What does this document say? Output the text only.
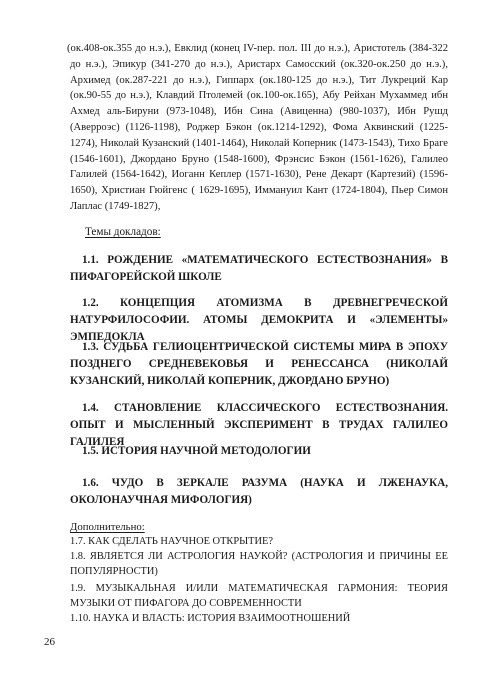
(ок.408-ок.355 до н.э.), Евклид (конец IV-пер. пол. III до н.э.), Аристотель (384-322 до н.э.), Эпикур (341-270 до н.э.), Аристарх Самосский (ок.320-ок.250 до н.э.), Архимед (ок.287-221 до н.э.), Гиппарх (ок.180-125 до н.э.), Тит Лукреций Кар (ок.90-55 до н.э.), Клавдий Птолемей (ок.100-ок.165), Абу Рейхан Мухаммед ибн Ахмед аль-Бируни (973-1048), Ибн Сина (Авиценна) (980-1037), Ибн Рушд (Аверроэс) (1126-1198), Роджер Бэкон (ок.1214-1292), Фома Аквинский (1225-1274), Николай Кузанский (1401-1464), Николай Коперник (1473-1543), Тихо Браге (1546-1601), Джордано Бруно (1548-1600), Фрэнсис Бэкон (1561-1626), Галилео Галилей (1564-1642), Иоганн Кеплер (1571-1630), Рене Декарт (Картезий) (1596-1650), Христиан Гюйгенс ( 1629-1695), Иммануил Кант (1724-1804), Пьер Симон Лаплас (1749-1827),

Темы докладов:

1.1. РОЖДЕНИЕ «МАТЕМАТИЧЕСКОГО ЕСТЕСТВОЗНАНИЯ» В ПИФАГОРЕЙСКОЙ ШКОЛЕ

1.2. КОНЦЕПЦИЯ АТОМИЗМА В ДРЕВНЕГРЕЧЕСКОЙ НАТУРФИЛОСОФИИ. АТОМЫ ДЕМОКРИТА И «ЭЛЕМЕНТЫ» ЭМПЕДОКЛА

1.3. СУДЬБА ГЕЛИОЦЕНТРИЧЕСКОЙ СИСТЕМЫ МИРА В ЭПОХУ ПОЗДНЕГО СРЕДНЕВЕКОВЬЯ И РЕНЕССАНСА (НИКОЛАЙ КУЗАНСКИЙ, НИКОЛАЙ КОПЕРНИК, ДЖОРДАНО БРУНО)

1.4. СТАНОВЛЕНИЕ КЛАССИЧЕСКОГО ЕСТЕСТВОЗНАНИЯ. ОПЫТ И МЫСЛЕННЫЙ ЭКСПЕРИМЕНТ В ТРУДАХ ГАЛИЛЕО ГАЛИЛЕЯ

1.5. ИСТОРИЯ НАУЧНОЙ МЕТОДОЛОГИИ

1.6. ЧУДО В ЗЕРКАЛЕ РАЗУМА (НАУКА И ЛЖЕНАУКА, ОКОЛОНАУЧНАЯ МИФОЛОГИЯ)

Дополнительно:

1.7. КАК СДЕЛАТЬ НАУЧНОЕ ОТКРЫТИЕ?

1.8. ЯВЛЯЕТСЯ ЛИ АСТРОЛОГИЯ НАУКОЙ? (АСТРОЛОГИЯ И ПРИЧИНЫ ЕЕ ПОПУЛЯРНОСТИ)

1.9. МУЗЫКАЛЬНАЯ И/ИЛИ МАТЕМАТИЧЕСКАЯ ГАРМОНИЯ: ТЕОРИЯ МУЗЫКИ ОТ ПИФАГОРА ДО СОВРЕМЕННОСТИ

1.10. НАУКА И ВЛАСТЬ: ИСТОРИЯ ВЗАИМООТНОШЕНИЙ

26
